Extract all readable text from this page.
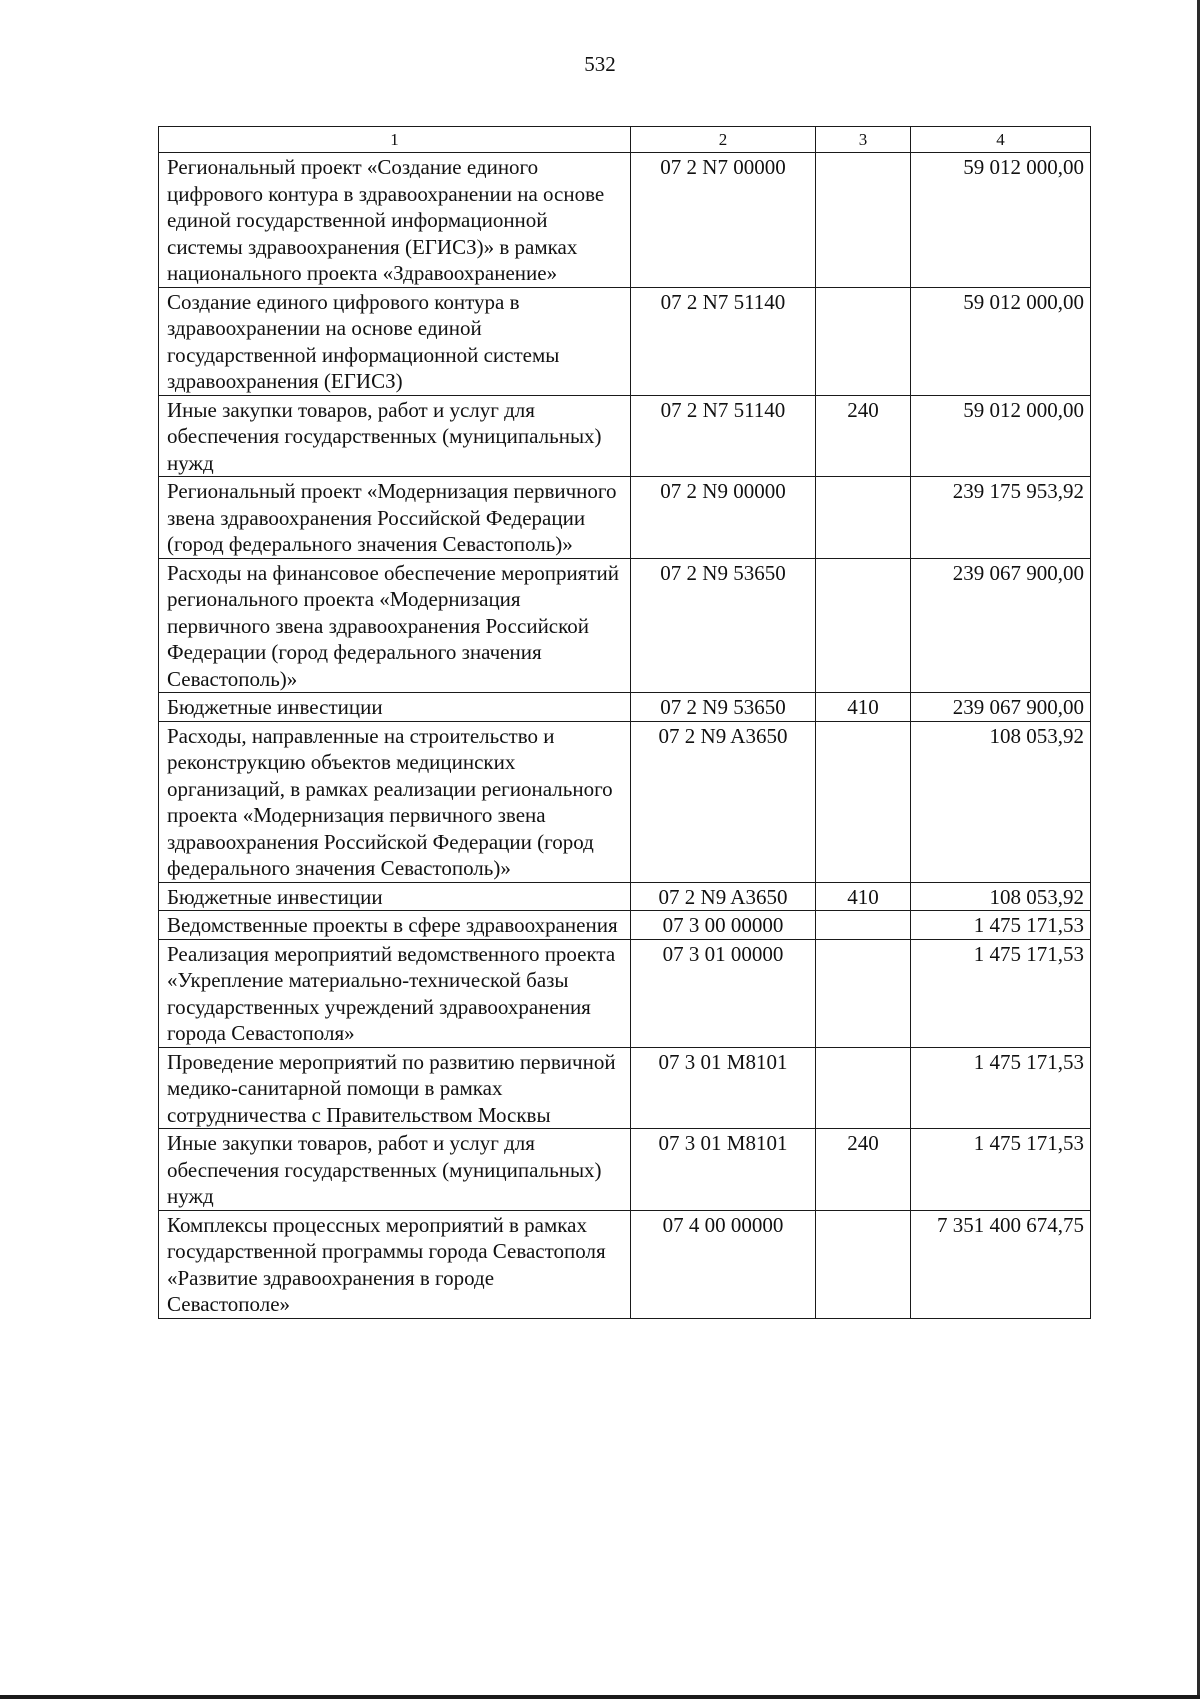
532
1	2	3	4
Региональный проект «Создание единого цифрового контура в здравоохранении на основе единой государственной информационной системы здравоохранения (ЕГИСЗ)» в рамках национального проекта «Здравоохранение»	07 2 N7 00000		59 012 000,00
Создание единого цифрового контура в здравоохранении на основе единой государственной информационной системы здравоохранения (ЕГИСЗ)	07 2 N7 51140		59 012 000,00
Иные закупки товаров, работ и услуг для обеспечения государственных (муниципальных) нужд	07 2 N7 51140	240	59 012 000,00
Региональный проект «Модернизация первичного звена здравоохранения Российской Федерации (город федерального значения Севастополь)»	07 2 N9 00000		239 175 953,92
Расходы на финансовое обеспечение мероприятий регионального проекта «Модернизация первичного звена здравоохранения Российской Федерации (город федерального значения Севастополь)»	07 2 N9 53650		239 067 900,00
Бюджетные инвестиции	07 2 N9 53650	410	239 067 900,00
Расходы, направленные на строительство и реконструкцию объектов медицинских организаций, в рамках реализации регионального проекта «Модернизация первичного звена здравоохранения Российской Федерации (город федерального значения Севастополь)»	07 2 N9 A3650		108 053,92
Бюджетные инвестиции	07 2 N9 A3650	410	108 053,92
Ведомственные проекты в сфере здравоохранения	07 3 00 00000		1 475 171,53
Реализация мероприятий ведомственного проекта «Укрепление материально-технической базы государственных учреждений здравоохранения города Севастополя»	07 3 01 00000		1 475 171,53
Проведение мероприятий по развитию первичной медико-санитарной помощи в рамках сотрудничества с Правительством Москвы	07 3 01 M8101		1 475 171,53
Иные закупки товаров, работ и услуг для обеспечения государственных (муниципальных) нужд	07 3 01 M8101	240	1 475 171,53
Комплексы процессных мероприятий в рамках государственной программы города Севастополя «Развитие здравоохранения в городе Севастополе»	07 4 00 00000		7 351 400 674,75
